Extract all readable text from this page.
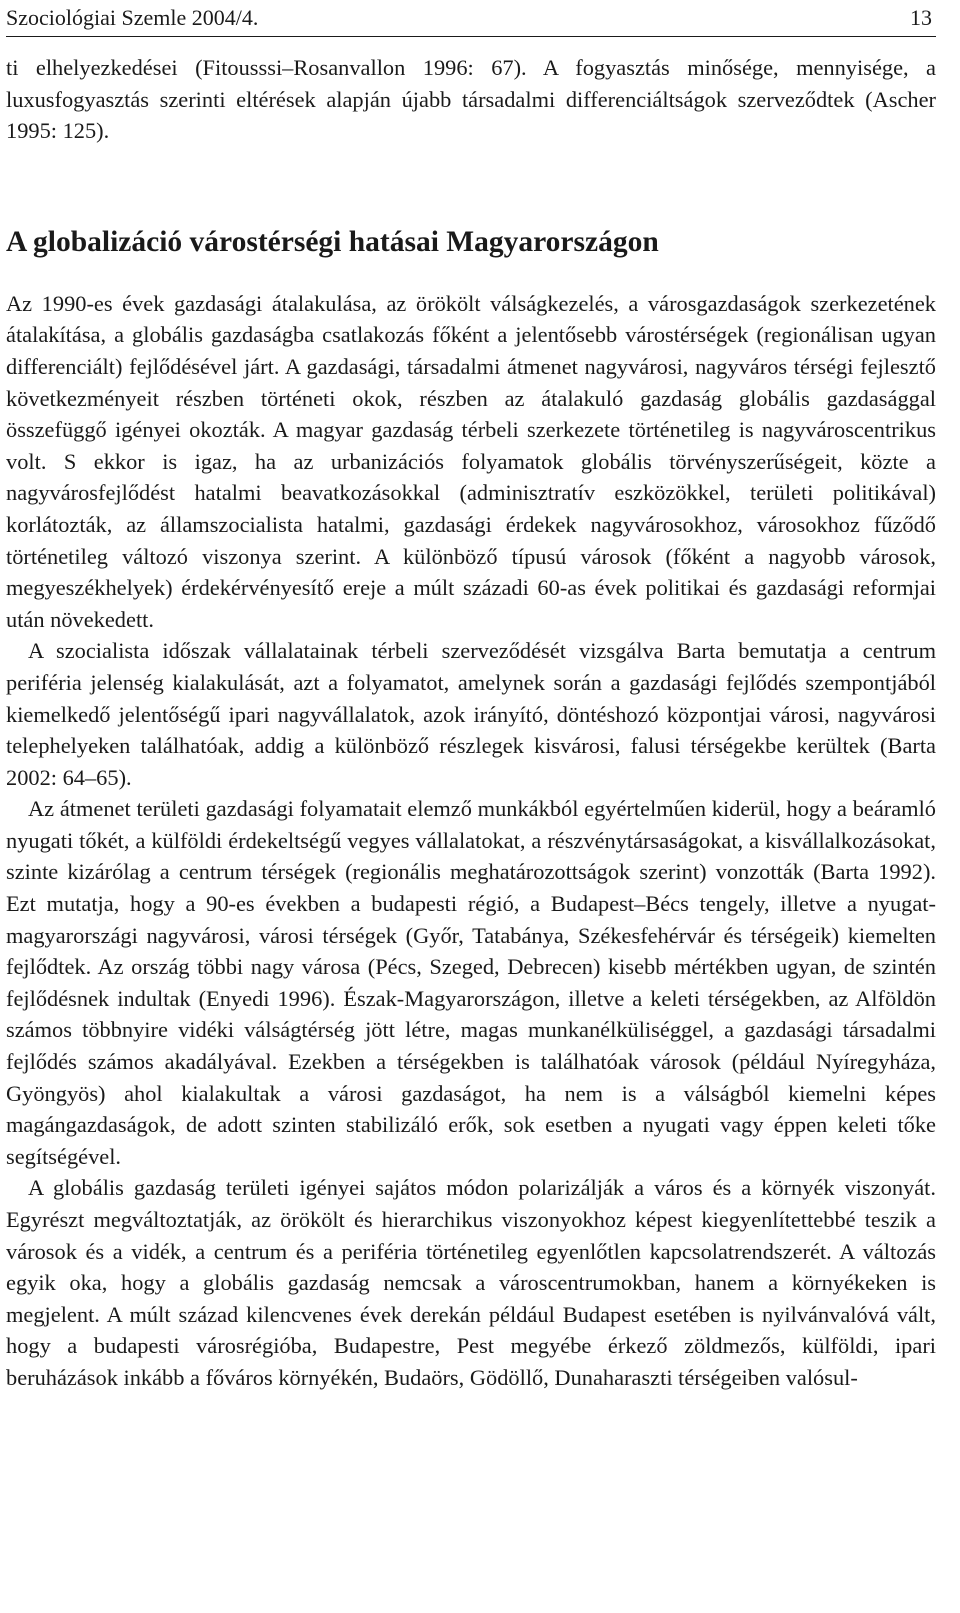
Szociológiai Szemle 2004/4.	13

ti elhelyezkedései (Fitousssi–Rosanvallon 1996: 67). A fogyasztás minősége, mennyisége, a luxusfogyasztás szerinti eltérések alapján újabb társadalmi differenciáltságok szerveződtek (Ascher 1995: 125).

A globalizáció várostérségi hatásai Magyarországon

Az 1990-es évek gazdasági átalakulása, az örökölt válságkezelés, a városgazdaságok szerkezetének átalakítása, a globális gazdaságba csatlakozás főként a jelentősebb várostérségek (regionálisan ugyan differenciált) fejlődésével járt. A gazdasági, társadalmi átmenet nagyvárosi, nagyváros térségi fejlesztő következményeit részben történeti okok, részben az átalakuló gazdaság globális gazdasággal összefüggő igényei okozták. A magyar gazdaság térbeli szerkezete történetileg is nagyvároscentrikus volt. S ekkor is igaz, ha az urbanizációs folyamatok globális törvényszerűségeit, közte a nagyvárosfejlődést hatalmi beavatkozásokkal (adminisztratív eszközökkel, területi politikával) korlátozták, az államszocialista hatalmi, gazdasági érdekek nagyvárosokhoz, városokhoz fűződő történetileg változó viszonya szerint. A különböző típusú városok (főként a nagyobb városok, megyeszékhelyek) érdekérvényesítő ereje a múlt századi 60-as évek politikai és gazdasági reformjai után növekedett.

A szocialista időszak vállalatainak térbeli szerveződését vizsgálva Barta bemutatja a centrum periféria jelenség kialakulását, azt a folyamatot, amelynek során a gazdasági fejlődés szempontjából kiemelkedő jelentőségű ipari nagyvállalatok, azok irányító, döntéshozó központjai városi, nagyvárosi telephelyeken találhatóak, addig a különböző részlegek kisvárosi, falusi térségekbe kerültek (Barta 2002: 64–65).

Az átmenet területi gazdasági folyamatait elemző munkákból egyértelműen kiderül, hogy a beáramló nyugati tőkét, a külföldi érdekeltségű vegyes vállalatokat, a részvénytársaságokat, a kisvállalkozásokat, szinte kizárólag a centrum térségek (regionális meghatározottságok szerint) vonzották (Barta 1992). Ezt mutatja, hogy a 90-es években a budapesti régió, a Budapest–Bécs tengely, illetve a nyugat-magyarországi nagyvárosi, városi térségek (Győr, Tatabánya, Székesfehérvár és térségeik) kiemelten fejlődtek. Az ország többi nagy városa (Pécs, Szeged, Debrecen) kisebb mértékben ugyan, de szintén fejlődésnek indultak (Enyedi 1996). Észak-Magyarországon, illetve a keleti térségekben, az Alföldön számos többnyire vidéki válságtérség jött létre, magas munkanélküliséggel, a gazdasági társadalmi fejlődés számos akadályával. Ezekben a térségekben is találhatóak városok (például Nyíregyháza, Gyöngyös) ahol kialakultak a városi gazdaságot, ha nem is a válságból kiemelni képes magángazdaságok, de adott szinten stabilizáló erők, sok esetben a nyugati vagy éppen keleti tőke segítségével.

A globális gazdaság területi igényei sajátos módon polarizálják a város és a környék viszonyát. Egyrészt megváltoztatják, az örökölt és hierarchikus viszonyokhoz képest kiegyenlítettebbé teszik a városok és a vidék, a centrum és a periféria történetileg egyenlőtlen kapcsolatrendszerét. A változás egyik oka, hogy a globális gazdaság nemcsak a városcentrumokban, hanem a környékeken is megjelent. A múlt század kilencvenes évek derekán például Budapest esetében is nyilvánvalóvá vált, hogy a budapesti városrégióba, Budapestre, Pest megyébe érkező zöldmezős, külföldi, ipari beruházások inkább a főváros környékén, Budaörs, Gödöllő, Dunaharaszti térségeiben valósul-
